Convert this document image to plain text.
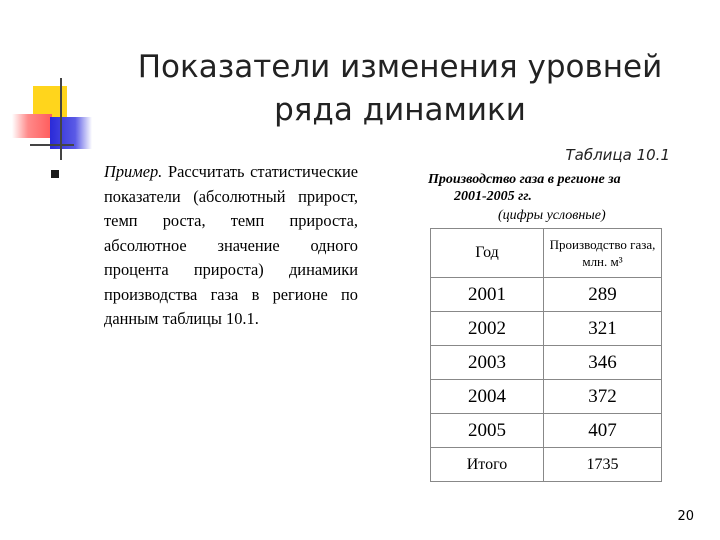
Показатели изменения уровней
ряда динамики
Пример. Рассчитать статистические показатели (абсолютный прирост, темп роста, темп прироста, абсолютное значение одного процента прироста) динамики производства газа в регионе по данным таблицы 10.1.
Таблица 10.1
Производство газа в регионе за
2001-2005 гг.
(цифры условные)
Год	Производство газа, млн. м³
2001	289
2002	321
2003	346
2004	372
2005	407
Итого	1735
20
